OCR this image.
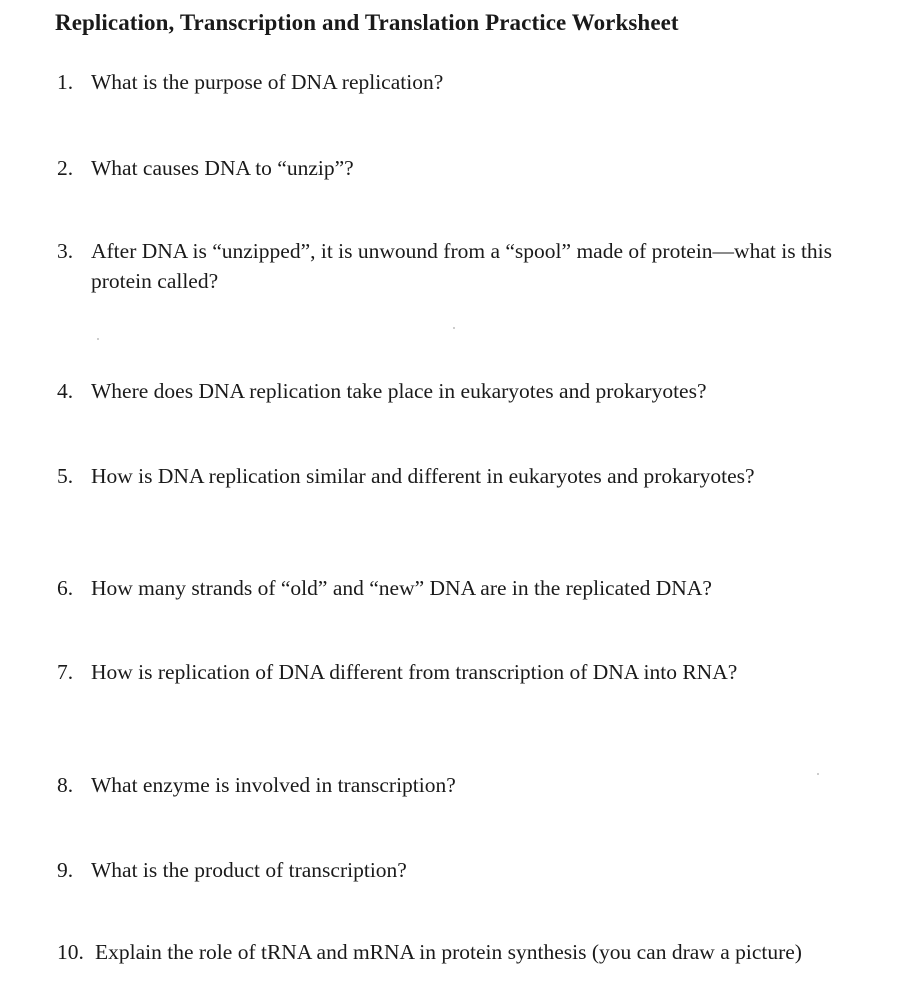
Replication, Transcription and Translation Practice Worksheet
1. What is the purpose of DNA replication?
2. What causes DNA to “unzip”?
3. After DNA is “unzipped”, it is unwound from a “spool” made of protein—what is this protein called?
4. Where does DNA replication take place in eukaryotes and prokaryotes?
5. How is DNA replication similar and different in eukaryotes and prokaryotes?
6. How many strands of “old” and “new” DNA are in the replicated DNA?
7. How is replication of DNA different from transcription of DNA into RNA?
8. What enzyme is involved in transcription?
9. What is the product of transcription?
10. Explain the role of tRNA and mRNA in protein synthesis (you can draw a picture)
